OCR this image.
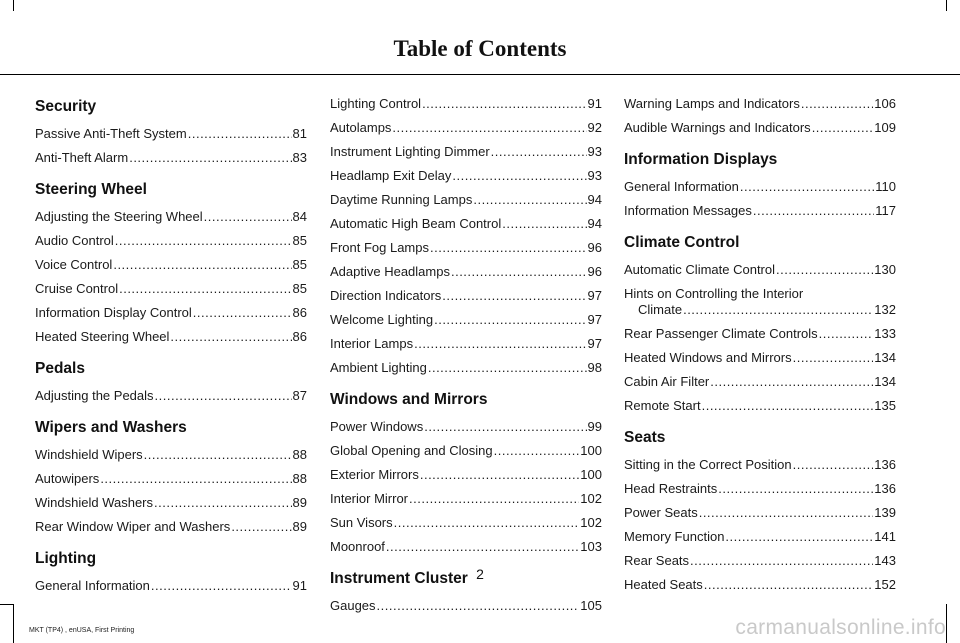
Table of Contents
Security
Passive Anti-Theft System .....	81
Anti-Theft Alarm .....	83
Steering Wheel
Adjusting the Steering Wheel .....	84
Audio Control .....	85
Voice Control .....	85
Cruise Control .....	85
Information Display Control .....	86
Heated Steering Wheel .....	86
Pedals
Adjusting the Pedals .....	87
Wipers and Washers
Windshield Wipers .....	88
Autowipers .....	88
Windshield Washers .....	89
Rear Window Wiper and Washers .....	89
Lighting
General Information .....	91
Lighting Control .....	91
Autolamps .....	92
Instrument Lighting Dimmer .....	93
Headlamp Exit Delay .....	93
Daytime Running Lamps .....	94
Automatic High Beam Control .....	94
Front Fog Lamps .....	96
Adaptive Headlamps .....	96
Direction Indicators .....	97
Welcome Lighting .....	97
Interior Lamps .....	97
Ambient Lighting .....	98
Windows and Mirrors
Power Windows .....	99
Global Opening and Closing .....	100
Exterior Mirrors .....	100
Interior Mirror .....	102
Sun Visors .....	102
Moonroof .....	103
Instrument Cluster
Gauges .....	105
Warning Lamps and Indicators .....	106
Audible Warnings and Indicators .....	109
Information Displays
General Information .....	110
Information Messages .....	117
Climate Control
Automatic Climate Control .....	130
Hints on Controlling the Interior
Climate .....	132
Rear Passenger Climate Controls .....	133
Heated Windows and Mirrors .....	134
Cabin Air Filter .....	134
Remote Start .....	135
Seats
Sitting in the Correct Position .....	136
Head Restraints .....	136
Power Seats .....	139
Memory Function .....	141
Rear Seats .....	143
Heated Seats .....	152
2
MKT (TP4) , enUSA, First Printing	carmanualsonline.info
